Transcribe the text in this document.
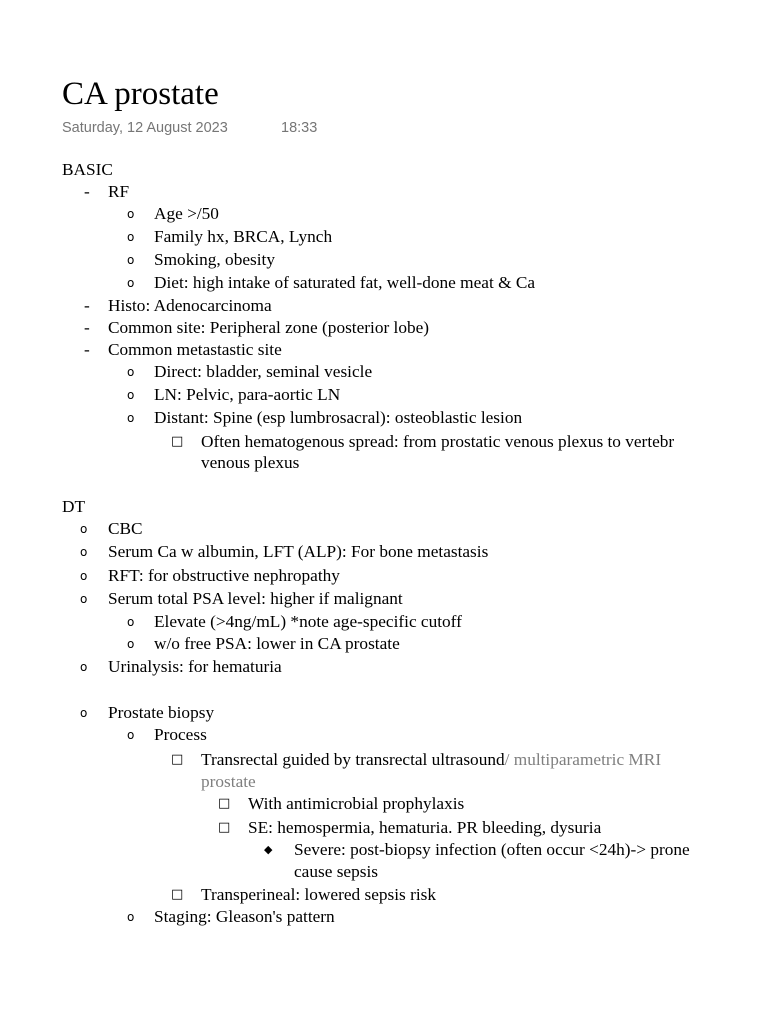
CA prostate
Saturday, 12 August 2023	18:33
BASIC
- RF
o Age >/50
o Family hx, BRCA, Lynch
o Smoking, obesity
o Diet: high intake of saturated fat, well-done meat & Ca
- Histo: Adenocarcinoma
- Common site: Peripheral zone (posterior lobe)
- Common metastastic site
o Direct: bladder, seminal vesicle
o LN: Pelvic, para-aortic LN
o Distant: Spine (esp lumbrosacral): osteoblastic lesion
□ Often hematogenous spread: from prostatic venous plexus to vertebr
venous plexus
DT
o CBC
o Serum Ca w albumin, LFT (ALP): For bone metastasis
o RFT: for obstructive nephropathy
o Serum total PSA level: higher if malignant
o Elevate (>4ng/mL) *note age-specific cutoff
o w/o free PSA: lower in CA prostate
o Urinalysis: for hematuria
o Prostate biopsy
o Process
□ Transrectal guided by transrectal ultrasound/ multiparametric MRI
prostate
□ With antimicrobial prophylaxis
□ SE: hemospermia, hematuria. PR bleeding, dysuria
◆ Severe: post-biopsy infection (often occur <24h)-> prone
cause sepsis
□ Transperineal: lowered sepsis risk
o Staging: Gleason's pattern
